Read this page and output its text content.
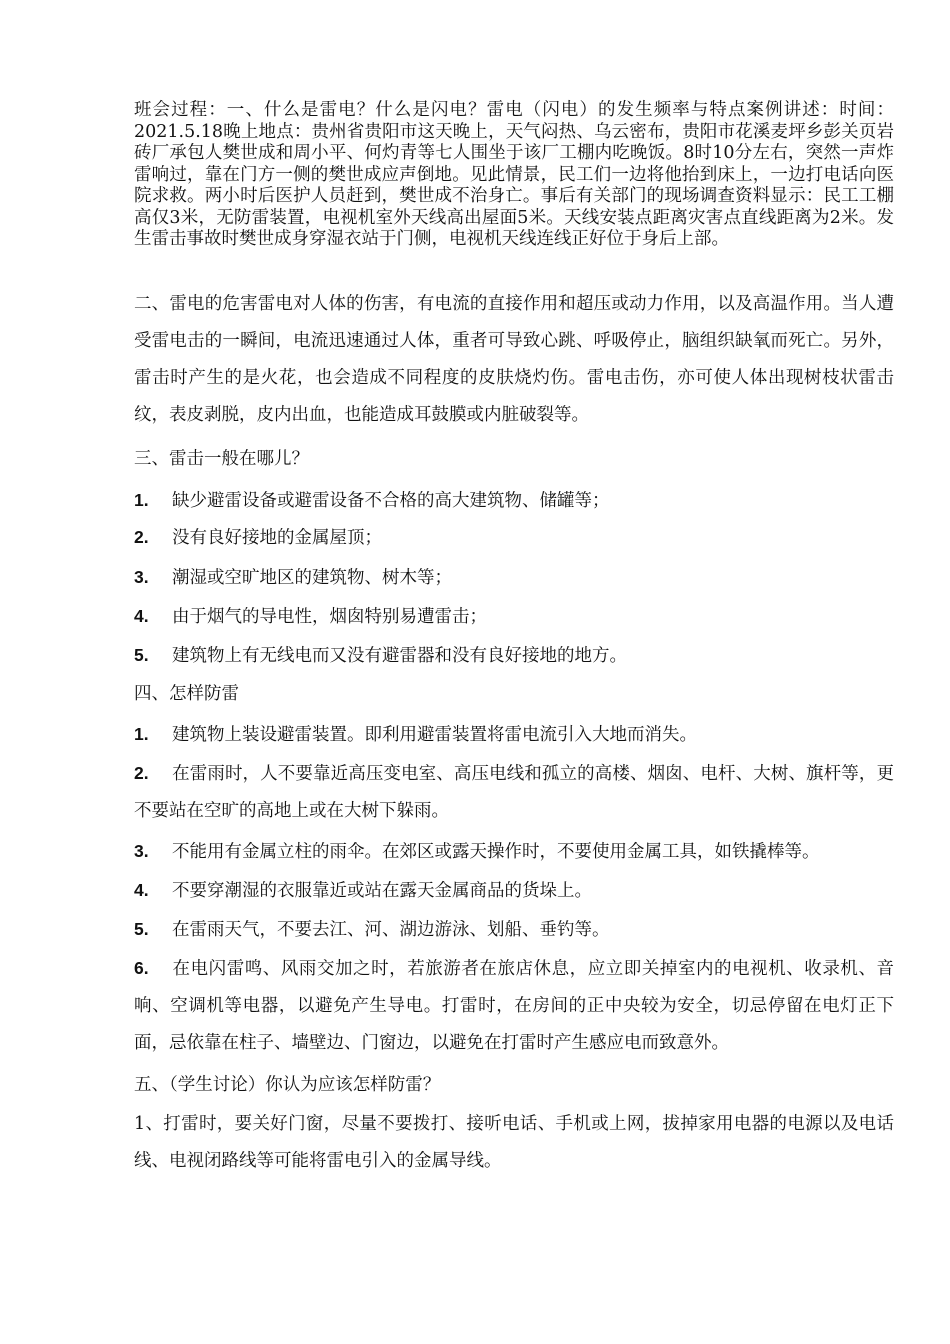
班会过程：一、什么是雷电？什么是闪电？雷电（闪电）的发生频率与特点案例讲述：时间：2021.5.18晚上地点：贵州省贵阳市这天晚上，天气闷热、乌云密布，贵阳市花溪麦坪乡彭关页岩砖厂承包人樊世成和周小平、何灼青等七人围坐于该厂工棚内吃晚饭。8时10分左右，突然一声炸雷响过，靠在门方一侧的樊世成应声倒地。见此情景，民工们一边将他抬到床上，一边打电话向医院求救。两小时后医护人员赶到，樊世成不治身亡。事后有关部门的现场调查资料显示：民工工棚高仅3米，无防雷装置，电视机室外天线高出屋面5米。天线安装点距离灾害点直线距离为2米。发生雷击事故时樊世成身穿湿衣站于门侧，电视机天线连线正好位于身后上部。
二、雷电的危害雷电对人体的伤害，有电流的直接作用和超压或动力作用，以及高温作用。当人遭受雷电击的一瞬间，电流迅速通过人体，重者可导致心跳、呼吸停止，脑组织缺氧而死亡。另外，雷击时产生的是火花，也会造成不同程度的皮肤烧灼伤。雷电击伤，亦可使人体出现树枝状雷击纹，表皮剥脱，皮内出血，也能造成耳鼓膜或内脏破裂等。
三、雷击一般在哪儿？
1. 缺少避雷设备或避雷设备不合格的高大建筑物、储罐等；
2. 没有良好接地的金属屋顶；
3. 潮湿或空旷地区的建筑物、树木等；
4. 由于烟气的导电性，烟囱特别易遭雷击；
5. 建筑物上有无线电而又没有避雷器和没有良好接地的地方。
四、怎样防雷
1. 建筑物上装设避雷装置。即利用避雷装置将雷电流引入大地而消失。
2. 在雷雨时，人不要靠近高压变电室、高压电线和孤立的高楼、烟囱、电杆、大树、旗杆等，更不要站在空旷的高地上或在大树下躲雨。
3. 不能用有金属立柱的雨伞。在郊区或露天操作时，不要使用金属工具，如铁撬棒等。
4. 不要穿潮湿的衣服靠近或站在露天金属商品的货垛上。
5. 在雷雨天气，不要去江、河、湖边游泳、划船、垂钓等。
6. 在电闪雷鸣、风雨交加之时，若旅游者在旅店休息，应立即关掉室内的电视机、收录机、音响、空调机等电器，以避免产生导电。打雷时，在房间的正中央较为安全，切忌停留在电灯正下面，忌依靠在柱子、墙壁边、门窗边，以避免在打雷时产生感应电而致意外。
五、（学生讨论）你认为应该怎样防雷？
1、打雷时，要关好门窗，尽量不要拨打、接听电话、手机或上网，拔掉家用电器的电源以及电话线、电视闭路线等可能将雷电引入的金属导线。
